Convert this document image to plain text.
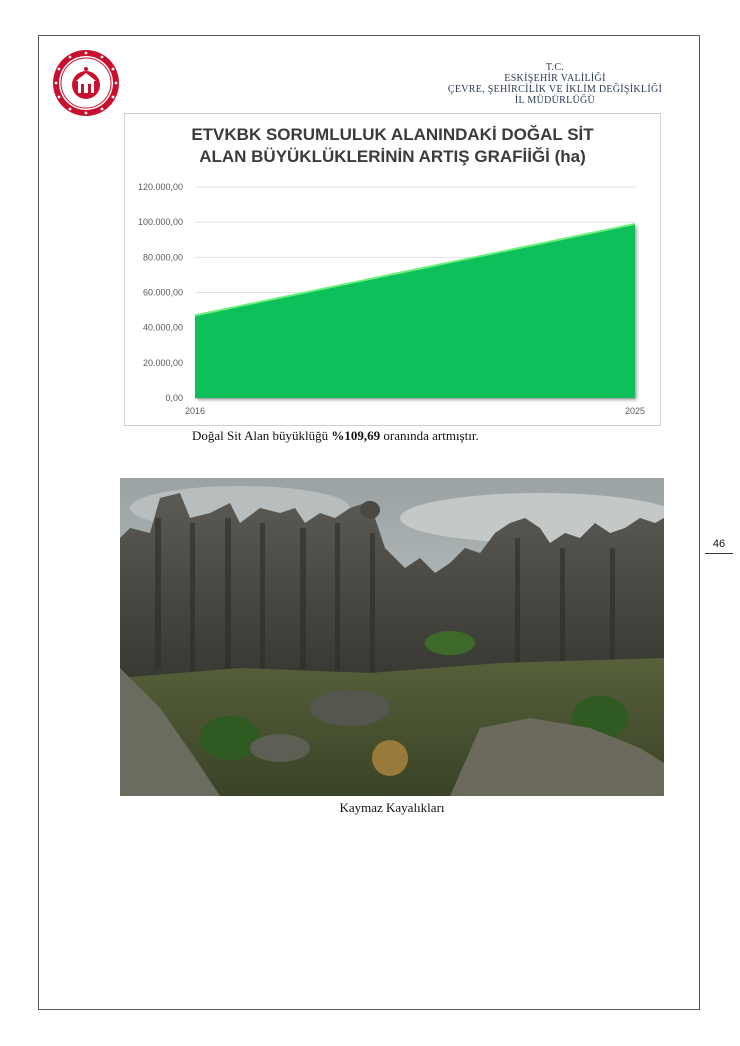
T.C.
ESKİŞEHİR VALİLİĞİ
ÇEVRE, ŞEHİRCİLİK VE İKLİM DEĞİŞİKLİĞİ
İL MÜDÜRLÜĞÜ
0,00
20.000,00
40.000,00
60.000,00
80.000,00
100.000,00
120.000,00
2016	2025
ETVKBK SORUMLULUK ALANINDAKİ DOĞAL SİT
ALAN BÜYÜKLÜKLERİNİN ARTIŞ GRAFİİĞİ (ha)
Doğal Sit Alan büyüklüğü %109,69 oranında artmıştır.
Kaymaz Kayalıkları
46
